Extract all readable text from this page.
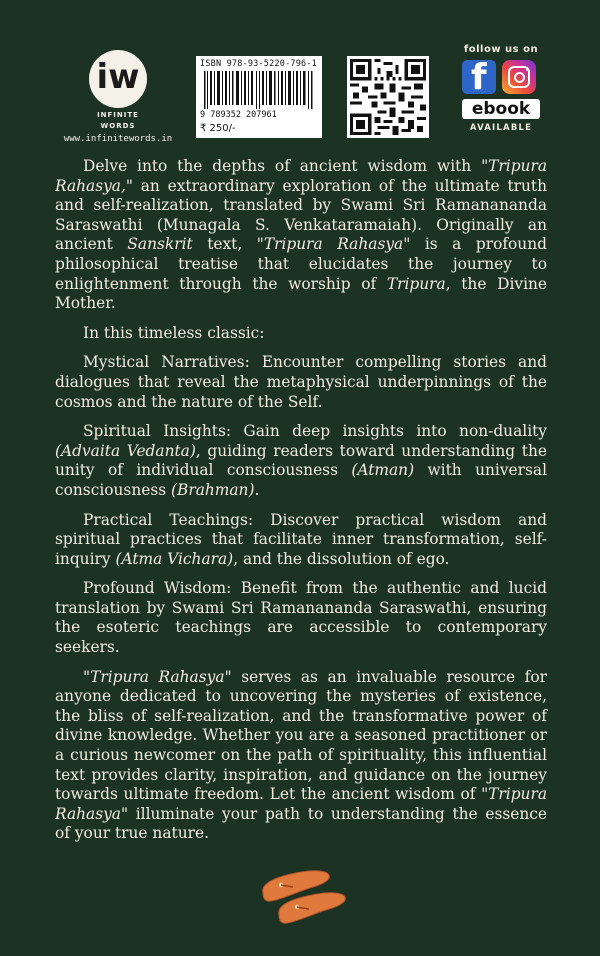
iw
INFINITE
WORDS
www.infinitewords.in
ISBN 978-93-5220-796-1
9 789352 207961
₹ 250/-
follow us on
f
ebook
AVAILABLE

Delve into the depths of ancient wisdom with "Tripura Rahasya," an extraordinary exploration of the ultimate truth and self-realization, translated by Swami Sri Ramanananda Saraswathi (Munagala S. Venkataramaiah). Originally an ancient Sanskrit text, "Tripura Rahasya" is a profound philosophical treatise that elucidates the journey to enlightenment through the worship of Tripura, the Divine Mother.

In this timeless classic:

Mystical Narratives: Encounter compelling stories and dialogues that reveal the metaphysical underpinnings of the cosmos and the nature of the Self.

Spiritual Insights: Gain deep insights into non-duality (Advaita Vedanta), guiding readers toward understanding the unity of individual consciousness (Atman) with universal consciousness (Brahman).

Practical Teachings: Discover practical wisdom and spiritual practices that facilitate inner transformation, self-inquiry (Atma Vichara), and the dissolution of ego.

Profound Wisdom: Benefit from the authentic and lucid translation by Swami Sri Ramanananda Saraswathi, ensuring the esoteric teachings are accessible to contemporary seekers.

"Tripura Rahasya" serves as an invaluable resource for anyone dedicated to uncovering the mysteries of existence, the bliss of self-realization, and the transformative power of divine knowledge. Whether you are a seasoned practitioner or a curious newcomer on the path of spirituality, this influential text provides clarity, inspiration, and guidance on the journey towards ultimate freedom. Let the ancient wisdom of "Tripura Rahasya" illuminate your path to understanding the essence of your true nature.
